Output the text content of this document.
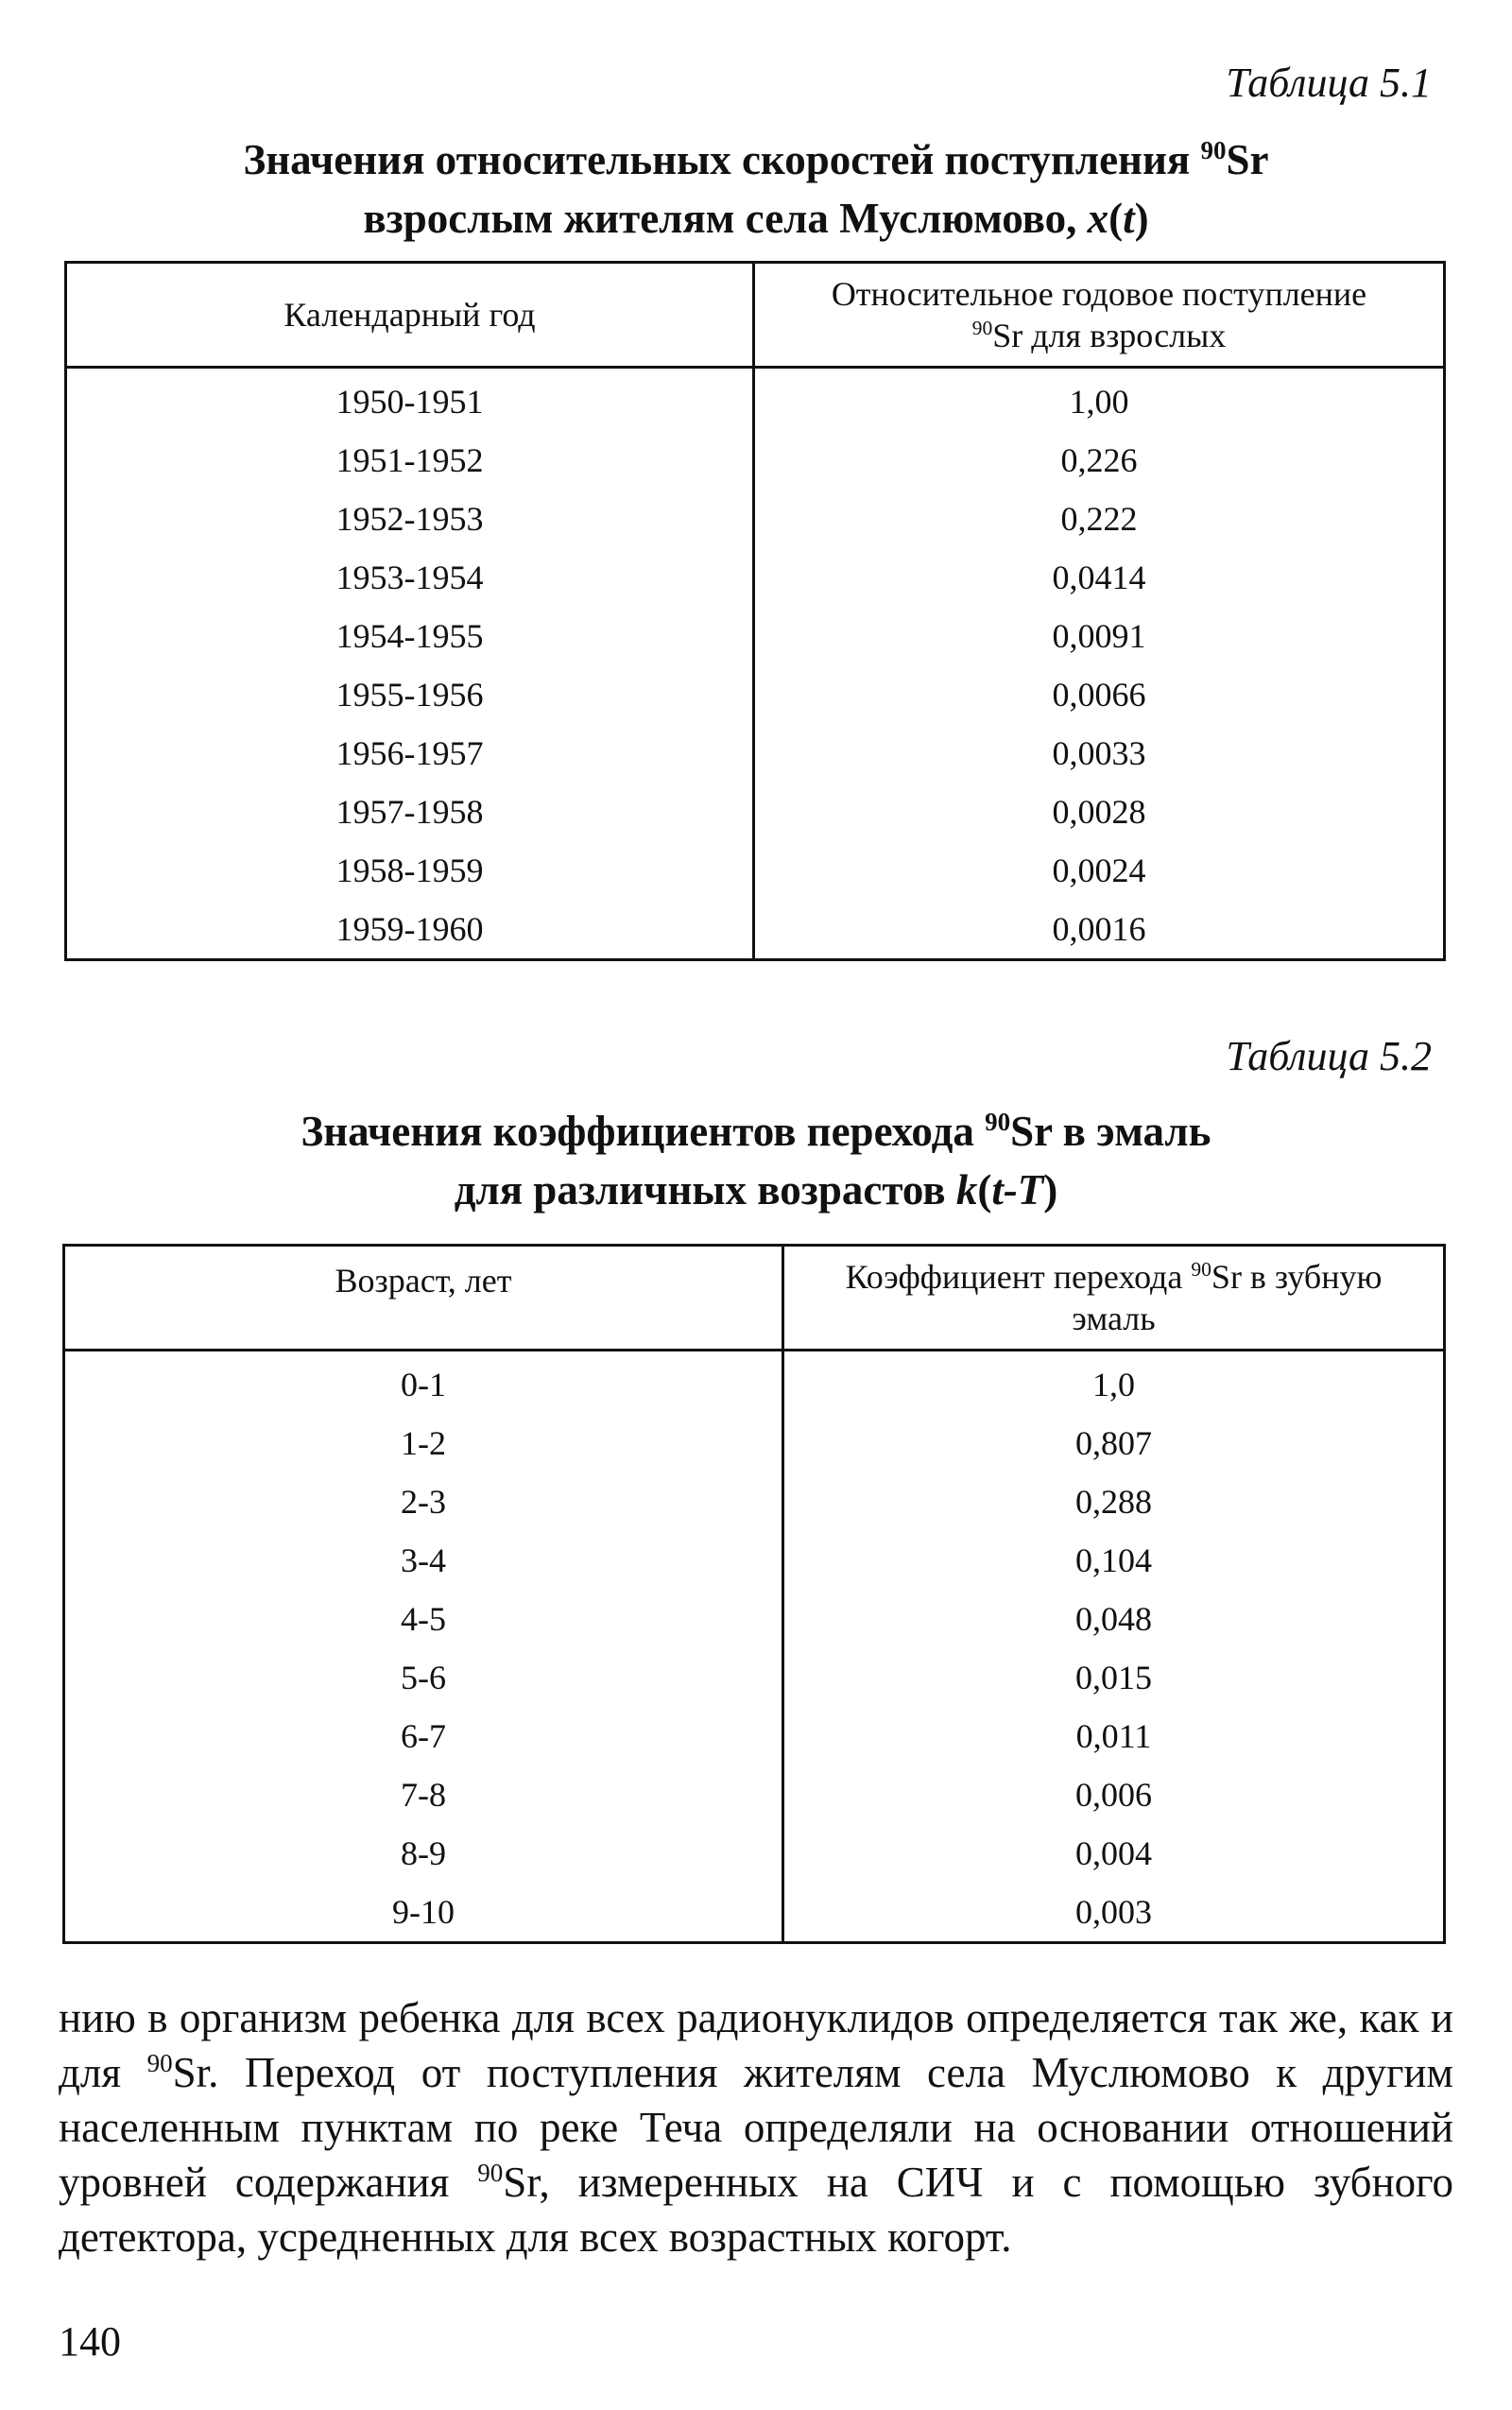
Таблица 5.1
Значения относительных скоростей поступления $^{90}$Sr
взрослым жителям села Муслюмово, x(t)
Календарный год	Относительное годовое поступление
$^{90}$Sr для взрослых
1950-1951	1,00
1951-1952	0,226
1952-1953	0,222
1953-1954	0,0414
1954-1955	0,0091
1955-1956	0,0066
1956-1957	0,0033
1957-1958	0,0028
1958-1959	0,0024
1959-1960	0,0016
Таблица 5.2
Значения коэффициентов перехода $^{90}$Sr в эмаль
для различных возрастов k(t-T)
Возраст, лет	Коэффициент перехода $^{90}$Sr в зубную
эмаль
0-1	1,0
1-2	0,807
2-3	0,288
3-4	0,104
4-5	0,048
5-6	0,015
6-7	0,011
7-8	0,006
8-9	0,004
9-10	0,003
нию в организм ребенка для всех радионуклидов определяется так же, как и для $^{90}$Sr. Переход от поступления жителям села Муслюмово к другим населенным пунктам по реке Теча определяли на основании отношений уровней содержания $^{90}$Sr, измеренных на СИЧ и с помощью зубного детектора, усредненных для всех возрастных когорт.
140
